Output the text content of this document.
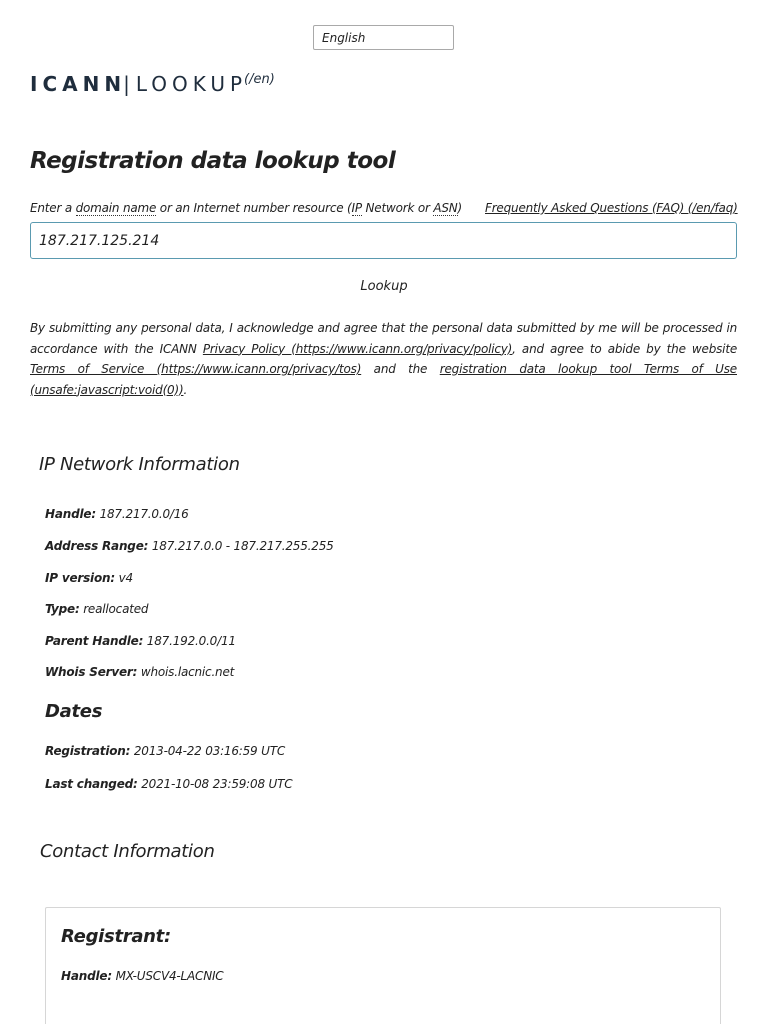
English
$ICANN|LOOKUP^{(/en)}$
Registration data lookup tool
Enter a domain name or an Internet number resource (IP Network or ASN) Frequently Asked Questions (FAQ) (/en/faq)
187.217.125.214
Lookup
By submitting any personal data, I acknowledge and agree that the personal data submitted by me will be processed in accordance with the ICANN Privacy Policy (https://www.icann.org/privacy/policy), and agree to abide by the website Terms of Service (https://www.icann.org/privacy/tos) and the registration data lookup tool Terms of Use (unsafe:javascript:void(0)).
IP Network Information
Handle: 187.217.0.0/16
Address Range: 187.217.0.0 - 187.217.255.255
IP version: v4
Type: reallocated
Parent Handle: 187.192.0.0/11
Whois Server: whois.lacnic.net
Dates
Registration: 2013-04-22 03:16:59 UTC
Last changed: 2021-10-08 23:59:08 UTC
Contact Information
Registrant:
Handle: MX-USCV4-LACNIC
